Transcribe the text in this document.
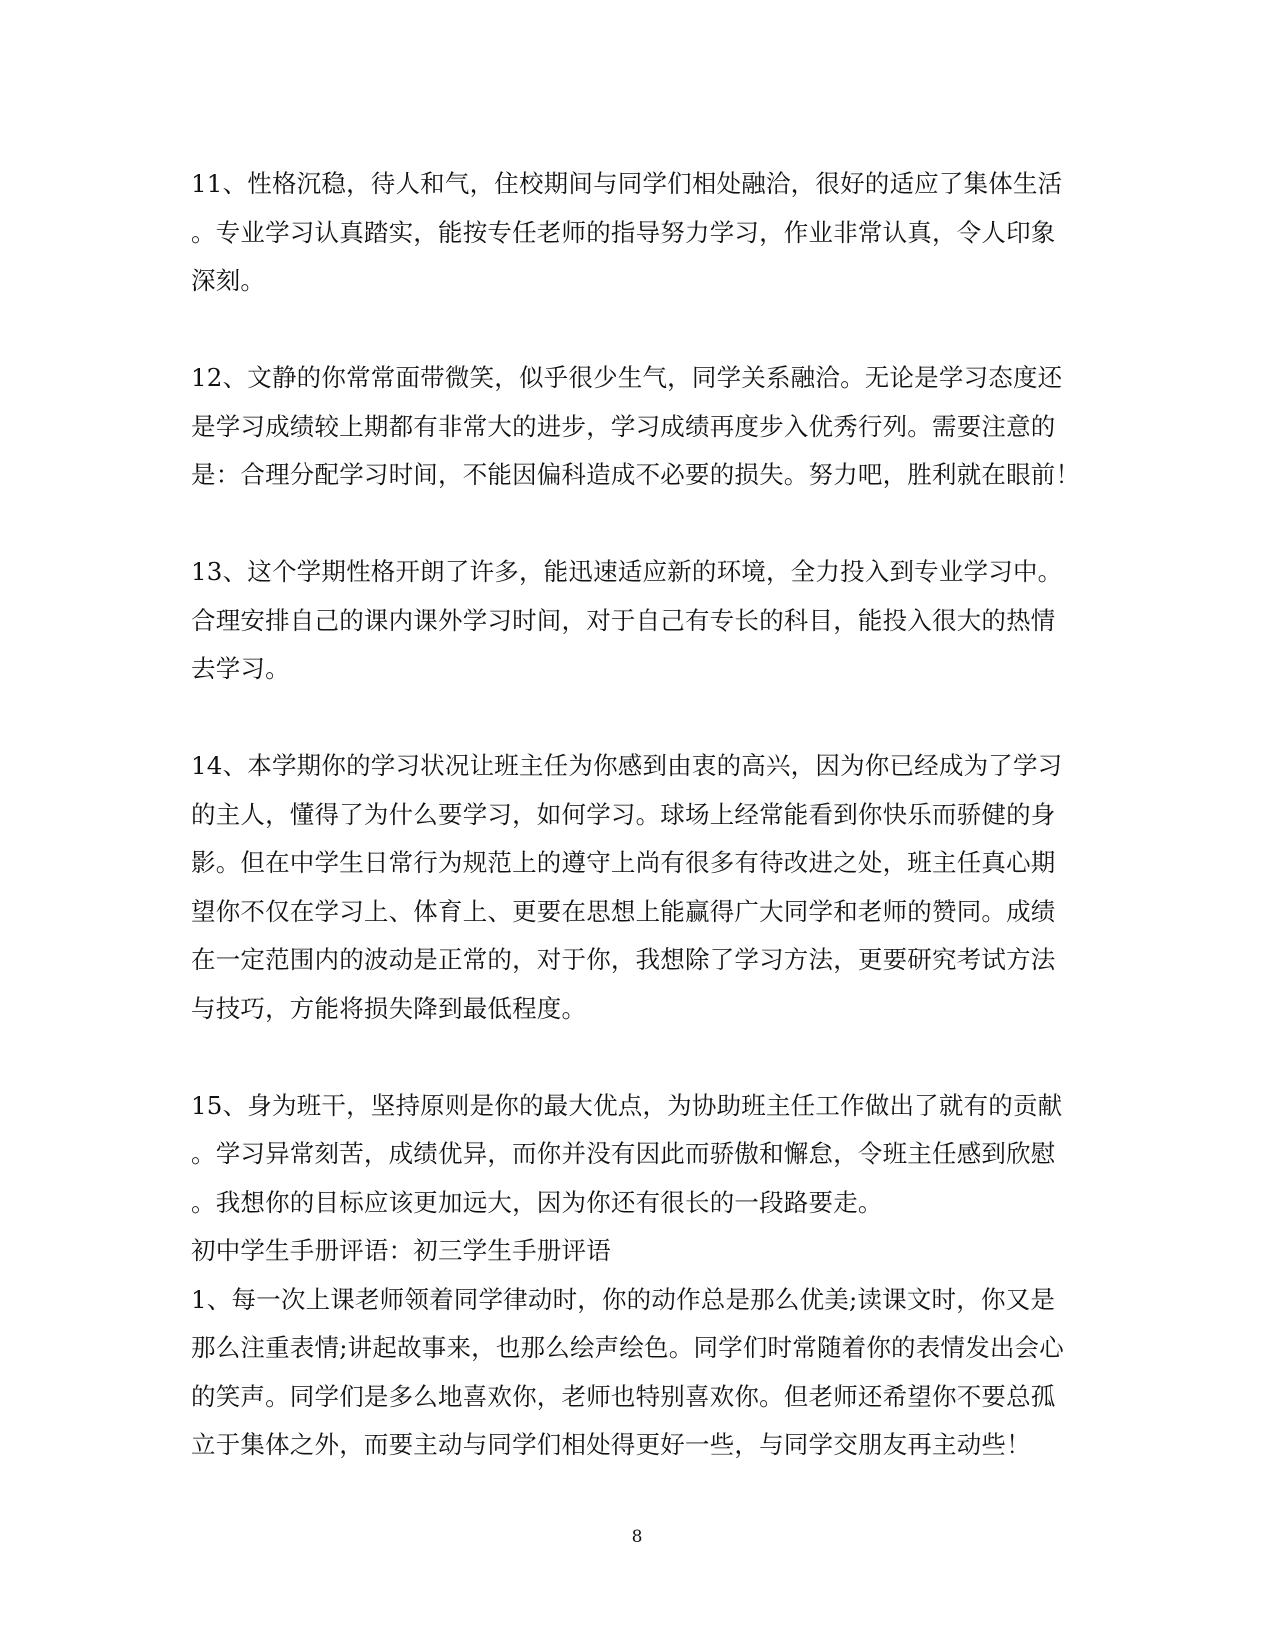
11、性格沉稳，待人和气，住校期间与同学们相处融洽，很好的适应了集体生活
。专业学习认真踏实，能按专任老师的指导努力学习，作业非常认真，令人印象
深刻。
12、文静的你常常面带微笑，似乎很少生气，同学关系融洽。无论是学习态度还
是学习成绩较上期都有非常大的进步，学习成绩再度步入优秀行列。需要注意的
是：合理分配学习时间，不能因偏科造成不必要的损失。努力吧，胜利就在眼前！
13、这个学期性格开朗了许多，能迅速适应新的环境，全力投入到专业学习中。
合理安排自己的课内课外学习时间，对于自己有专长的科目，能投入很大的热情
去学习。
14、本学期你的学习状况让班主任为你感到由衷的高兴，因为你已经成为了学习
的主人，懂得了为什么要学习，如何学习。球场上经常能看到你快乐而骄健的身
影。但在中学生日常行为规范上的遵守上尚有很多有待改进之处，班主任真心期
望你不仅在学习上、体育上、更要在思想上能赢得广大同学和老师的赞同。成绩
在一定范围内的波动是正常的，对于你，我想除了学习方法，更要研究考试方法
与技巧，方能将损失降到最低程度。
15、身为班干，坚持原则是你的最大优点，为协助班主任工作做出了就有的贡献
。学习异常刻苦，成绩优异，而你并没有因此而骄傲和懈怠，令班主任感到欣慰
。我想你的目标应该更加远大，因为你还有很长的一段路要走。
初中学生手册评语：初三学生手册评语
1、每一次上课老师领着同学律动时，你的动作总是那么优美;读课文时，你又是
那么注重表情;讲起故事来，也那么绘声绘色。同学们时常随着你的表情发出会心
的笑声。同学们是多么地喜欢你，老师也特别喜欢你。但老师还希望你不要总孤
立于集体之外，而要主动与同学们相处得更好一些，与同学交朋友再主动些！
8
